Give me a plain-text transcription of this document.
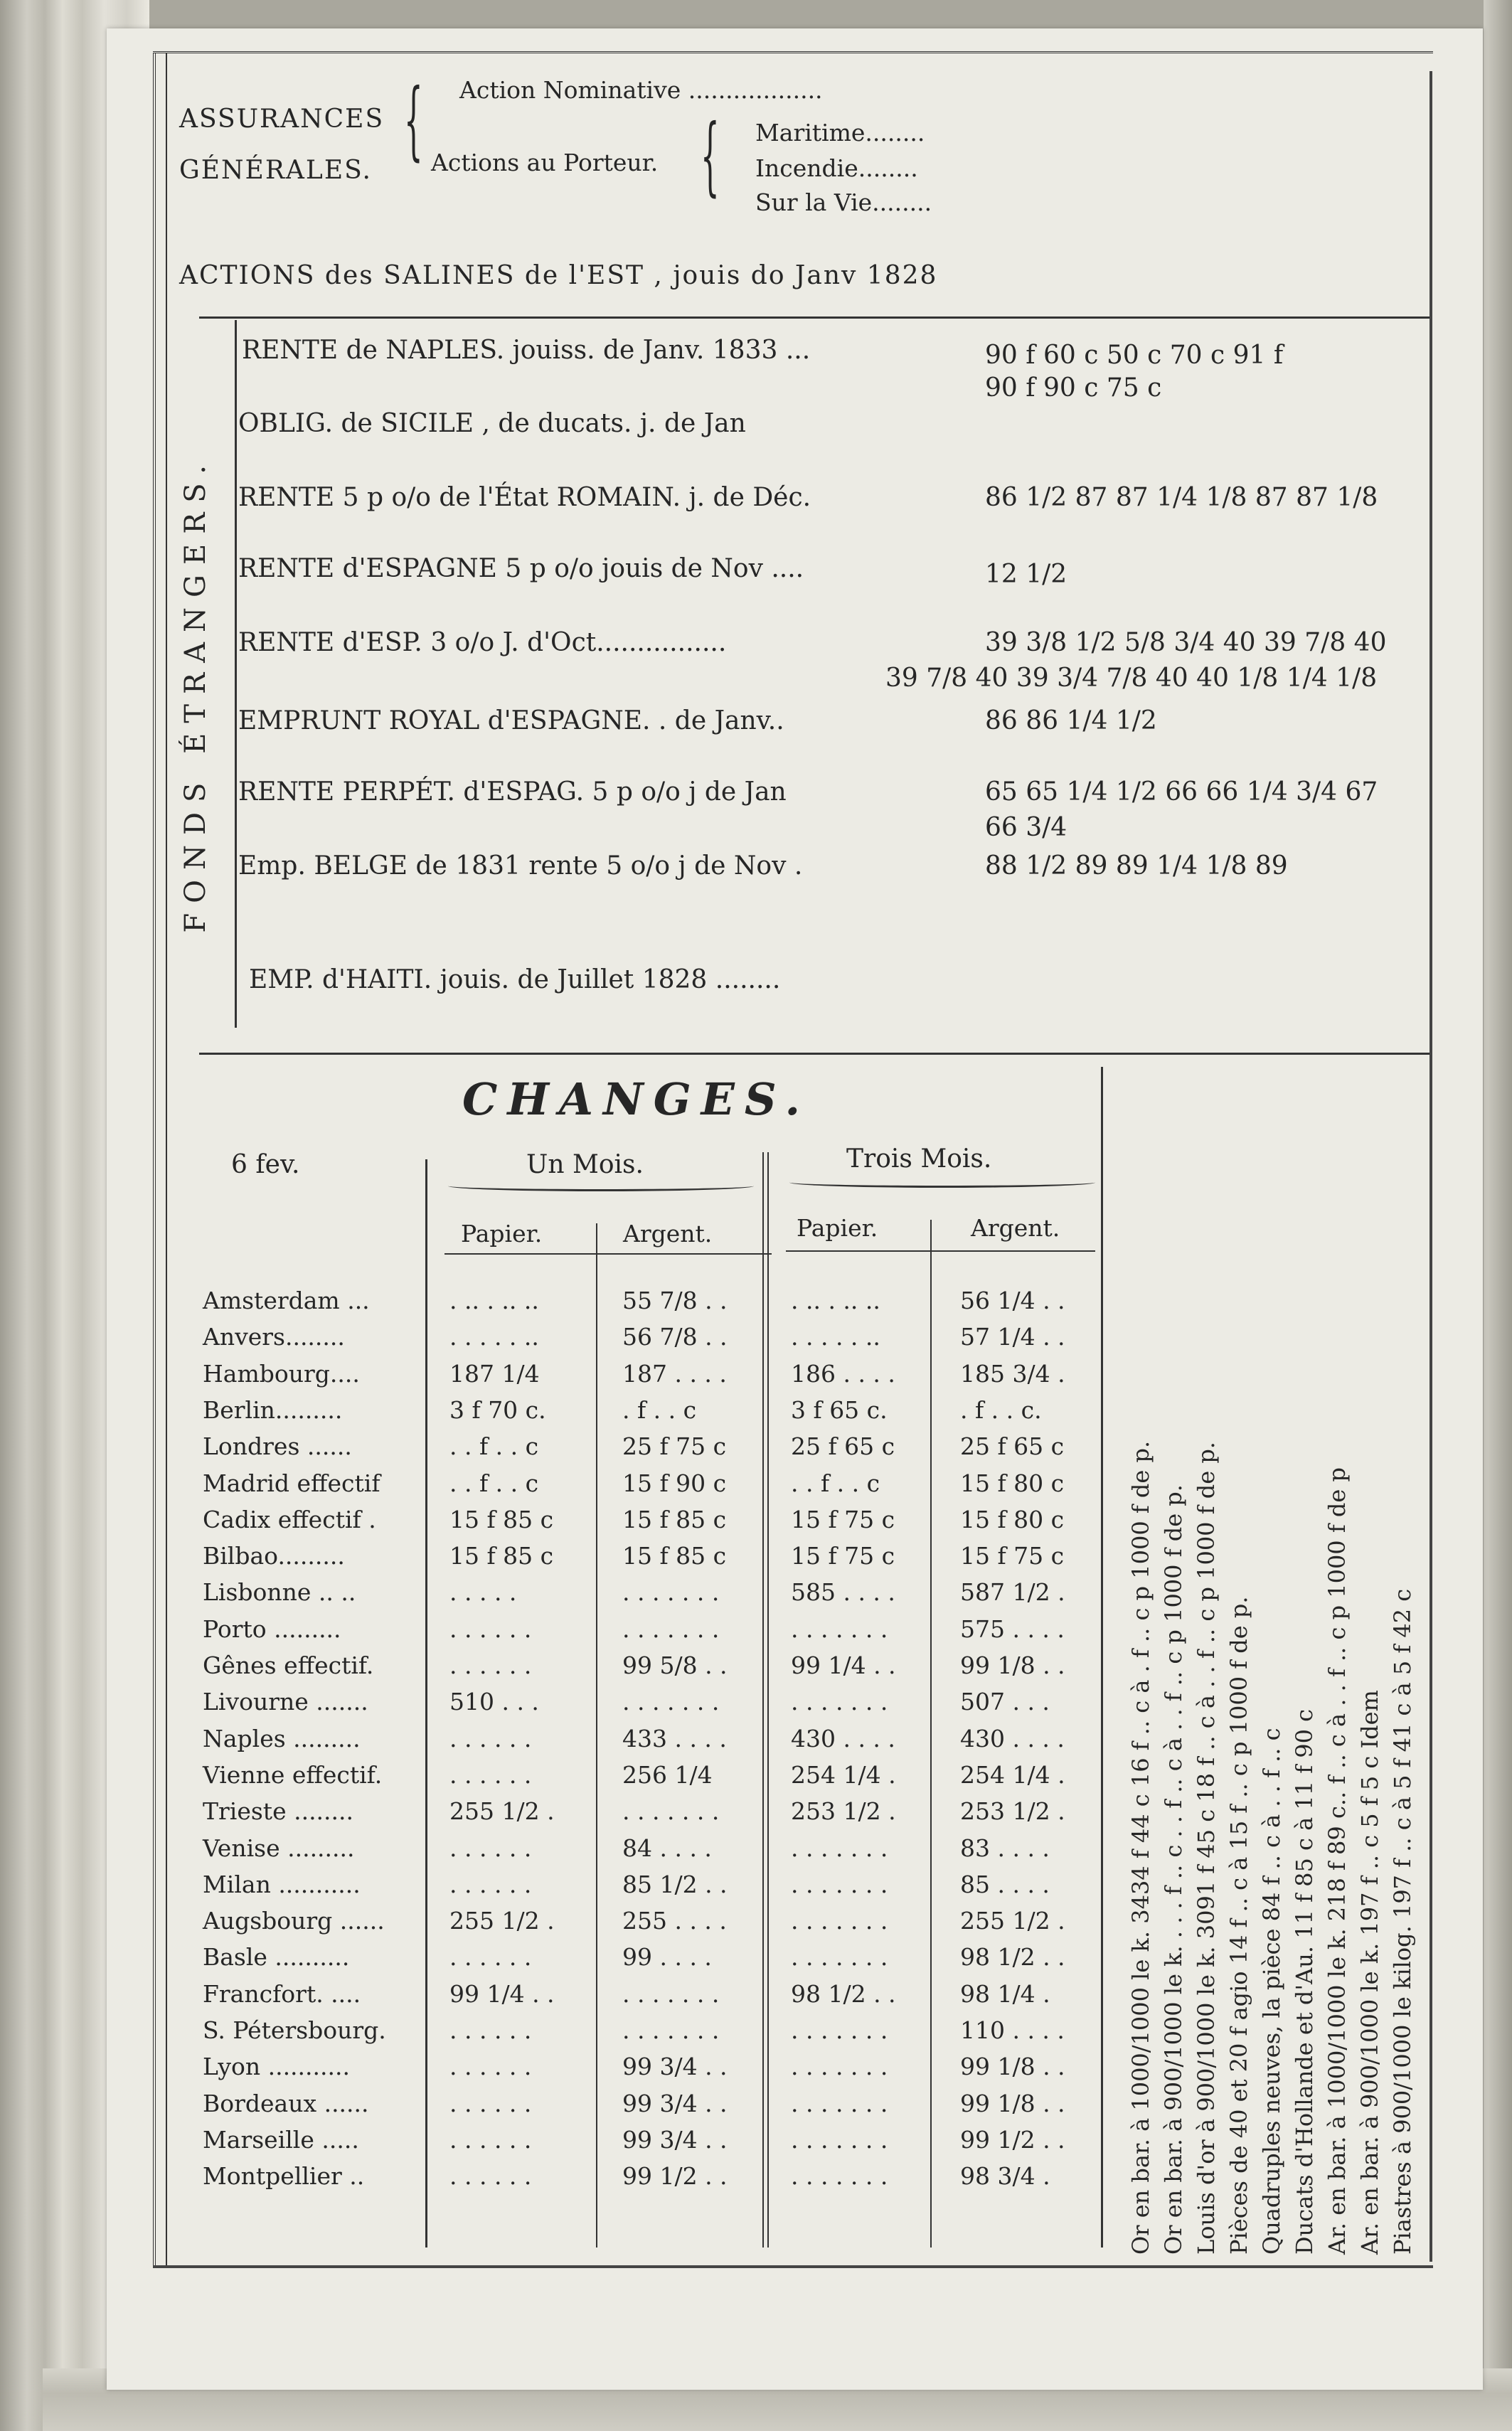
ASSURANCES
GÉNÉRALES.
{ Action Nominative ..................
Actions au Porteur. { Maritime........
Incendie........
Sur la Vie........
ACTIONS des SALINES de l'EST , jouis do Janv 1828
FONDS ÉTRANGERS.
RENTE de NAPLES. jouiss. de Janv. 1833 ...	90 f 60 c 50 c 70 c 91 f
90 f 90 c 75 c
OBLIG. de SICILE , de ducats. j. de Jan
RENTE 5 p o/o de l'État ROMAIN. j. de Déc.	86 1/2 87 87 1/4 1/8 87 87 1/8
RENTE d'ESPAGNE 5 p o/o jouis de Nov ....	12 1/2
RENTE d'ESP. 3 o/o J. d'Oct................	39 3/8 1/2 5/8 3/4 40 39 7/8 40
39 7/8 40 39 3/4 7/8 40 40 1/8 1/4 1/8
EMPRUNT ROYAL d'ESPAGNE. . de Janv..	86 86 1/4 1/2
RENTE PERPÉT. d'ESPAG. 5 p o/o j de Jan	65 65 1/4 1/2 66 66 1/4 3/4 67
66 3/4
Emp. BELGE de 1831 rente 5 o/o j de Nov .	88 1/2 89 89 1/4 1/8 89
EMP. d'HAITI. jouis. de Juillet 1828 ........
CHANGES.
6 fev.	Un Mois.	Trois Mois.
Papier.	Argent.	Papier.	Argent.
Amsterdam ...	. .. . .. ..	55 7/8 . .	. .. . .. ..	56 1/4 . .
Anvers........	. . . . . ..	56 7/8 . .	. . . . . ..	57 1/4 . .
Hambourg....	187 1/4	187 . . . .	186 . . . .	185 3/4 .
Berlin.........	3 f 70 c.	. f . . c	3 f 65 c.	. f . . c.
Londres ......	. . f . . c	25 f 75 c	25 f 65 c	25 f 65 c
Madrid effectif	. . f . . c	15 f 90 c	. . f . . c	15 f 80 c
Cadix effectif .	15 f 85 c	15 f 85 c	15 f 75 c	15 f 80 c
Bilbao.........	15 f 85 c	15 f 85 c	15 f 75 c	15 f 75 c
Lisbonne .. ..	. . . . .	. . . . . . .	585 . . . .	587 1/2 .
Porto .........	. . . . . .	. . . . . . .	. . . . . . .	575 . . . .
Gênes effectif.	. . . . . .	99 5/8 . .	99 1/4 . .	99 1/8 . .
Livourne .......	510 . . .	. . . . . . .	. . . . . . .	507 . . .
Naples .........	. . . . . .	433 . . . .	430 . . . .	430 . . . .
Vienne effectif.	. . . . . .	256 1/4	254 1/4 .	254 1/4 .
Trieste ........	255 1/2 .	. . . . . . .	253 1/2 .	253 1/2 .
Venise .........	. . . . . .	84 . . . .	. . . . . . .	83 . . . .
Milan ...........	. . . . . .	85 1/2 . .	. . . . . . .	85 . . . .
Augsbourg ......	255 1/2 .	255 . . . .	. . . . . . .	255 1/2 .
Basle ..........	. . . . . .	99 . . . .	. . . . . . .	98 1/2 . .
Francfort. ....	99 1/4 . .	. . . . . . .	98 1/2 . .	98 1/4 .
S. Pétersbourg.	. . . . . .	. . . . . . .	. . . . . . .	110 . . . .
Lyon ...........	. . . . . .	99 3/4 . .	. . . . . . .	99 1/8 . .
Bordeaux ......	. . . . . .	99 3/4 . .	. . . . . . .	99 1/8 . .
Marseille .....	. . . . . .	99 3/4 . .	. . . . . . .	99 1/2 . .
Montpellier ..	. . . . . .	99 1/2 . .	. . . . . . .	98 3/4 .	Or en bar. à 1000/1000 le k. 3434 f 44 c 16 f .. c à . f .. c p 1000 f de p. Or en bar. à 900/1000 le k. . . . f .. c . . f .. c à . . f .. c p 1000 f de p. Louis d'or à 900/1000 le k. 3091 f 45 c 18 f .. c à . . f .. c p 1000 f de p. Pièces de 40 et 20 f agio 14 f .. c à 15 f .. c p 1000 f de p. Quadruples neuves, la pièce 84 f .. c à . . f .. c Ducats d'Hollande et d'Au. 11 f 85 c à 11 f 90 c Ar. en bar. à 1000/1000 le k. 218 f 89 c.. f .. c à . . f .. c p 1000 f de p Ar. en bar. à 900/1000 le k. 197 f .. c 5 f 5 c Idem Piastres à 900/1000 le kilog. 197 f .. c à 5 f 41 c à 5 f 42 c
